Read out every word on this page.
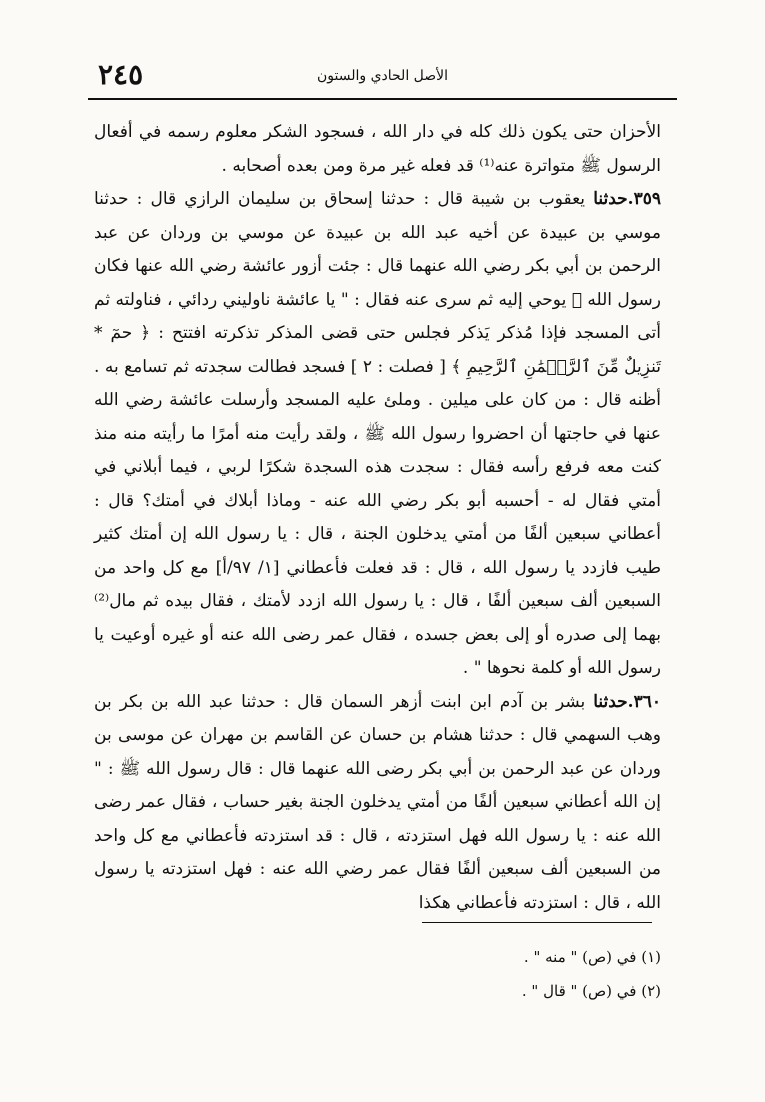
٢٤٥	الأصل الحادي والستون

الأحزان حتى يكون ذلك كله في دار الله ، فسجود الشكر معلوم رسمه في أفعال الرسول ﷺ متواترة عنه⁽¹⁾ قد فعله غير مرة ومن بعده أصحابه .

٣٥٩.حدثنا يعقوب بن شيبة قال : حدثنا إسحاق بن سليمان الرازي قال : حدثنا موسي بن عبيدة عن أخيه عبد الله بن عبيدة عن موسي بن وردان عن عبد الرحمن بن أبي بكر رضي الله عنهما قال : جئت أزور عائشة رضي الله عنها فكان رسول الله ﷺ يوحي إليه ثم سرى عنه فقال : " يا عائشة ناوليني ردائي ، فناولته ثم أتى المسجد فإذا مُذكر يَذكر فجلس حتى قضى المذكر تذكرته افتتح : ﴿ حمٓ * تَنزِيلٌ مِّنَ ٱلرَّحۡمَٰنِ ٱلرَّحِيمِ ﴾ [ فصلت : ٢ ] فسجد فطالت سجدته ثم تسامع به . أظنه قال : من كان على ميلين . وملئ عليه المسجد وأرسلت عائشة رضي الله عنها في حاجتها أن احضروا رسول الله ﷺ ، ولقد رأيت منه أمرًا ما رأيته منه منذ كنت معه فرفع رأسه فقال : سجدت هذه السجدة شكرًا لربي ، فيما أبلاني في أمتي فقال له - أحسبه أبو بكر رضي الله عنه - وماذا أبلاك في أمتك؟ قال : أعطاني سبعين ألفًا من أمتي يدخلون الجنة ، قال : يا رسول الله إن أمتك كثير طيب فازدد يا رسول الله ، قال : قد فعلت فأعطاني [١/ ٩٧/أ] مع كل واحد من السبعين ألف سبعين ألفًا ، قال : يا رسول الله ازدد لأمتك ، فقال بيده ثم مال⁽²⁾ بهما إلى صدره أو إلى بعض جسده ، فقال عمر رضى الله عنه أو غيره أوعيت يا رسول الله أو كلمة نحوها " .

٣٦٠.حدثنا بشر بن آدم ابن ابنت أزهر السمان قال : حدثنا عبد الله بن بكر بن وهب السهمي قال : حدثنا هشام بن حسان عن القاسم بن مهران عن موسى بن وردان عن عبد الرحمن بن أبي بكر رضى الله عنهما قال : قال رسول الله ﷺ : " إن الله أعطاني سبعين ألفًا من أمتي يدخلون الجنة بغير حساب ، فقال عمر رضى الله عنه : يا رسول الله فهل استزدته ، قال : قد استزدته فأعطاني مع كل واحد من السبعين ألف سبعين ألفًا فقال عمر رضي الله عنه : فهل استزدته يا رسول الله ، قال : استزدته فأعطاني هكذا

(١) في (ص) " منه " .

(٢) في (ص) " قال " .
